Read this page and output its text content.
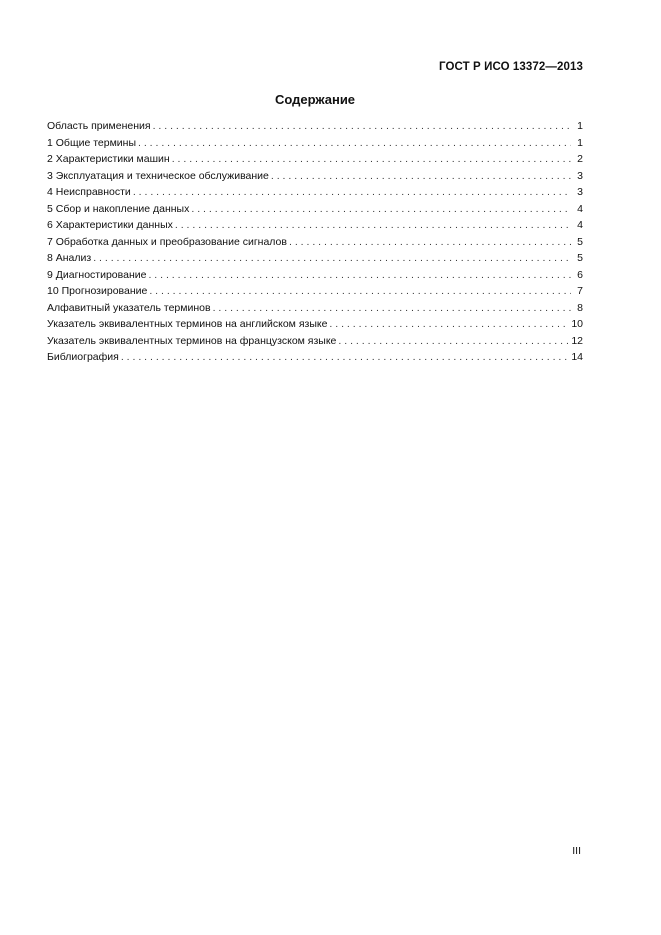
ГОСТ Р ИСО 13372—2013
Содержание
Область применения . . .	1
1 Общие термины . . .	1
2 Характеристики машин . . .	2
3 Эксплуатация и техническое обслуживание . . .	3
4 Неисправности . . .	3
5 Сбор и накопление данных . . .	4
6 Характеристики данных . . .	4
7 Обработка данных и преобразование сигналов . . .	5
8 Анализ . . .	5
9 Диагностирование . . .	6
10 Прогнозирование . . .	7
Алфавитный указатель терминов . . .	8
Указатель эквивалентных терминов на английском языке . . .	10
Указатель эквивалентных терминов на французском языке . . .	12
Библиография . . .	14
III
